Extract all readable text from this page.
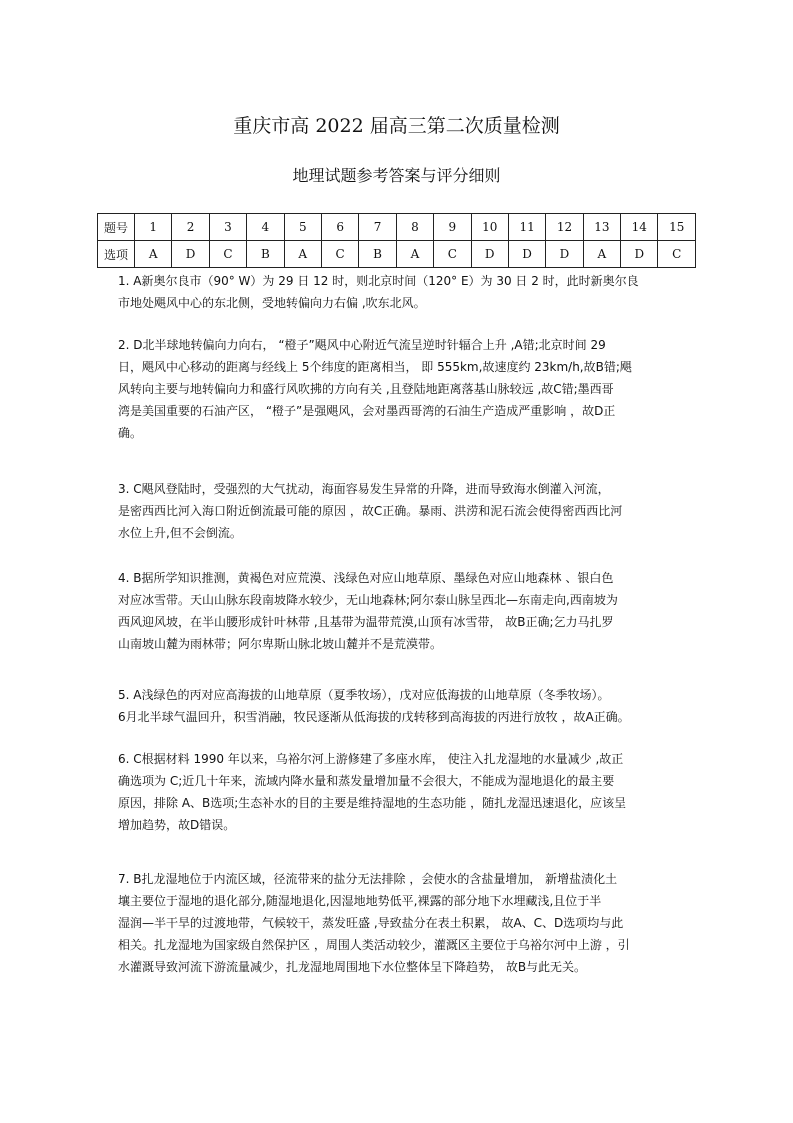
重庆市高 2022 届高三第二次质量检测
地理试题参考答案与评分细则
题号	1	2	3	4	5	6	7	8	9	10	11	12	13	14	15
选项	A	D	C	B	A	C	B	A	C	D	D	D	A	D	C
1. A新奥尔良市（90° W）为 29 日 12 时，则北京时间（120° E）为 30 日 2 时，此时新奥尔良
市地处飓风中心的东北侧，受地转偏向力右偏 ,吹东北风。
2. D北半球地转偏向力向右， “橙子”飓风中心附近气流呈逆时针辐合上升 ,A错;北京时间 29
日，飓风中心移动的距离与经线上 5个纬度的距离相当， 即 555km,故速度约 23km/h,故B错;飓
风转向主要与地转偏向力和盛行风吹拂的方向有关 ,且登陆地距离落基山脉较远 ,故C错;墨西哥
湾是美国重要的石油产区， “橙子”是强飓风，会对墨西哥湾的石油生产造成严重影响 ，故D正
确。
3. C飓风登陆时，受强烈的大气扰动，海面容易发生异常的升降，进而导致海水倒灌入河流，
是密西西比河入海口附近倒流最可能的原因 ，故C正确。暴雨、洪涝和泥石流会使得密西西比河
水位上升,但不会倒流。
4. B据所学知识推测，黄褐色对应荒漠、浅绿色对应山地草原、墨绿色对应山地森林 、银白色
对应冰雪带。天山山脉东段南坡降水较少，无山地森林;阿尔泰山脉呈西北—东南走向,西南坡为
西风迎风坡，在半山腰形成针叶林带 ,且基带为温带荒漠,山顶有冰雪带， 故B正确;乞力马扎罗
山南坡山麓为雨林带；阿尔卑斯山脉北坡山麓并不是荒漠带。
5. A浅绿色的丙对应高海拔的山地草原（夏季牧场），戊对应低海拔的山地草原（冬季牧场）。
6月北半球气温回升，积雪消融，牧民逐渐从低海拔的戊转移到高海拔的丙进行放牧 ，故A正确。
6. C根据材料 1990 年以来，乌裕尔河上游修建了多座水库， 使注入扎龙湿地的水量减少 ,故正
确选项为 C;近几十年来，流域内降水量和蒸发量增加量不会很大，不能成为湿地退化的最主要
原因，排除 A、B选项;生态补水的目的主要是维持湿地的生态功能 ，随扎龙湿迅速退化，应该呈
增加趋势，故D错误。
7. B扎龙湿地位于内流区域，径流带来的盐分无法排除 ，会使水的含盐量增加， 新增盐渍化土
壤主要位于湿地的退化部分,随湿地退化,因湿地地势低平,裸露的部分地下水埋藏浅,且位于半
湿润—半干旱的过渡地带，气候较干，蒸发旺盛 ,导致盐分在表土积累， 故A、C、D选项均与此
相关。扎龙湿地为国家级自然保护区 ，周围人类活动较少，灌溉区主要位于乌裕尔河中上游 ，引
水灌溉导致河流下游流量减少，扎龙湿地周围地下水位整体呈下降趋势， 故B与此无关。
